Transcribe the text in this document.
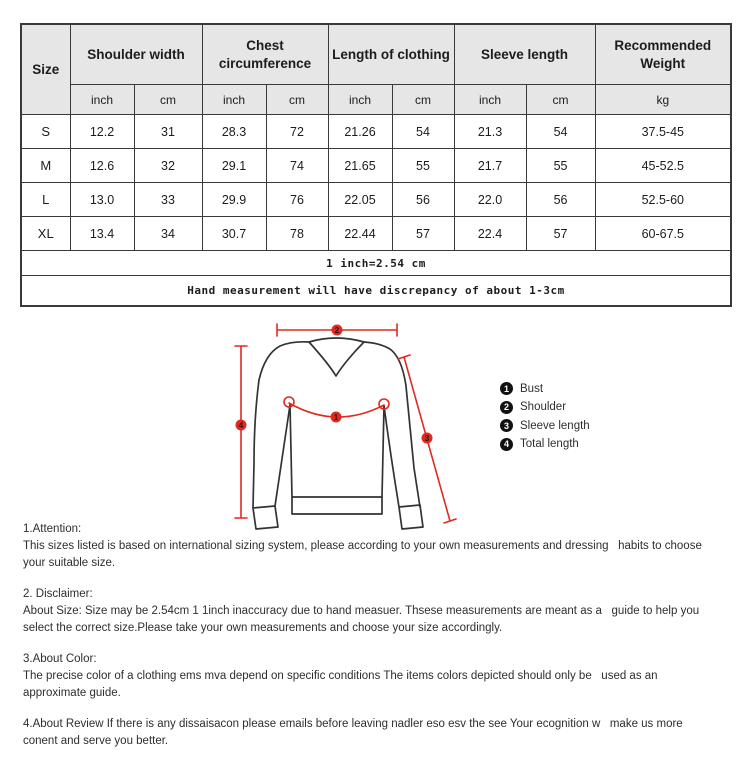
Size	Shoulder width		Chest circumference		Length of clothing		Sleeve length		Recommended Weight
	inch	cm	inch	cm	inch	cm	inch	cm	kg
S	12.2	31	28.3	72	21.26	54	21.3	54	37.5-45
M	12.6	32	29.1	74	21.65	55	21.7	55	45-52.5
L	13.0	33	29.9	76	22.05	56	22.0	56	52.5-60
XL	13.4	34	30.7	78	22.44	57	22.4	57	60-67.5
1 inch=2.54 cm									
Hand measurement will have discrepancy of about 1-3cm									
1
2
3
4
1 Bust
2 Shoulder
3 Sleeve length
4 Total length
1.Attention:
This sizes listed is based on international sizing system, please according to your own measurements and dressing   habits to choose
your suitable size.
2. Disclaimer:
About Size: Size may be 2.54cm 1 1inch inaccuracy due to hand measuer. Thsese measurements are meant as a   guide to help you
select the correct size.Please take your own measurements and choose your size accordingly.
3.About Color:
The precise color of a clothing ems mva depend on specific conditions The items colors depicted should only be   used as an
approximate guide.
4.About Review If there is any dissaisacon please emails before leaving nadler eso esv the see Your ecognition w   make us more
conent and serve you better.
